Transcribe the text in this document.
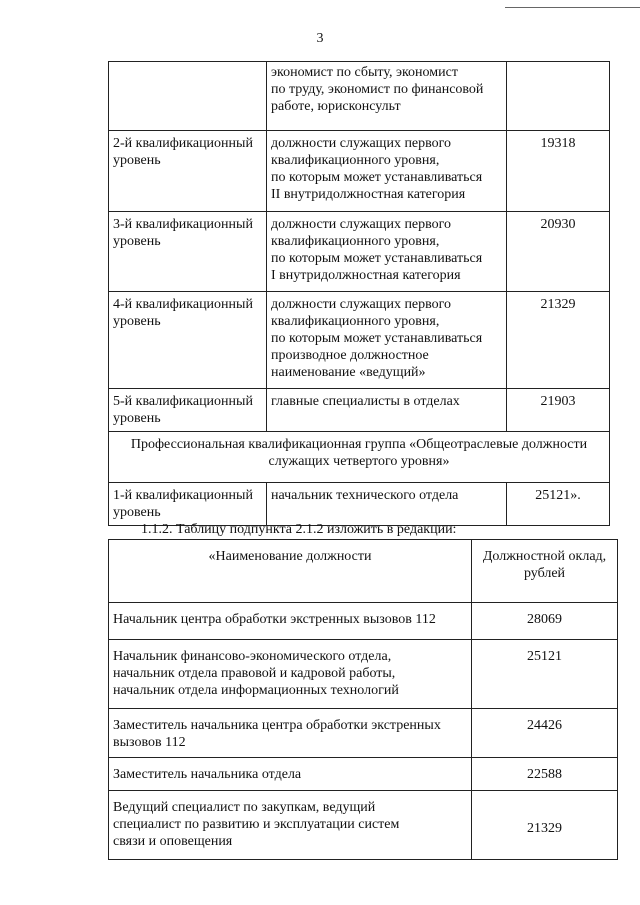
3
	экономист по сбыту, экономист
по труду, экономист по финансовой
работе, юрисконсульт	
2-й квалификационный
уровень	должности служащих первого
квалификационного уровня,
по которым может устанавливаться
II внутридолжностная категория	19318
3-й квалификационный
уровень	должности служащих первого
квалификационного уровня,
по которым может устанавливаться
I внутридолжностная категория	20930
4-й квалификационный
уровень	должности служащих первого
квалификационного уровня,
по которым может устанавливаться
производное должностное
наименование «ведущий»	21329
5-й квалификационный
уровень	главные специалисты в отделах	21903
Профессиональная квалификационная группа «Общеотраслевые должности
служащих четвертого уровня»		
1-й квалификационный
уровень	начальник технического отдела	25121».
1.1.2. Таблицу подпункта 2.1.2 изложить в редакции:
«Наименование должности	Должностной оклад,
рублей
Начальник центра обработки экстренных вызовов 112	28069
Начальник финансово-экономического отдела,
начальник отдела правовой и кадровой работы,
начальник отдела информационных технологий	25121
Заместитель начальника центра обработки экстренных
вызовов 112	24426
Заместитель начальника отдела	22588
Ведущий специалист по закупкам, ведущий
специалист по развитию и эксплуатации систем
связи и оповещения	21329
